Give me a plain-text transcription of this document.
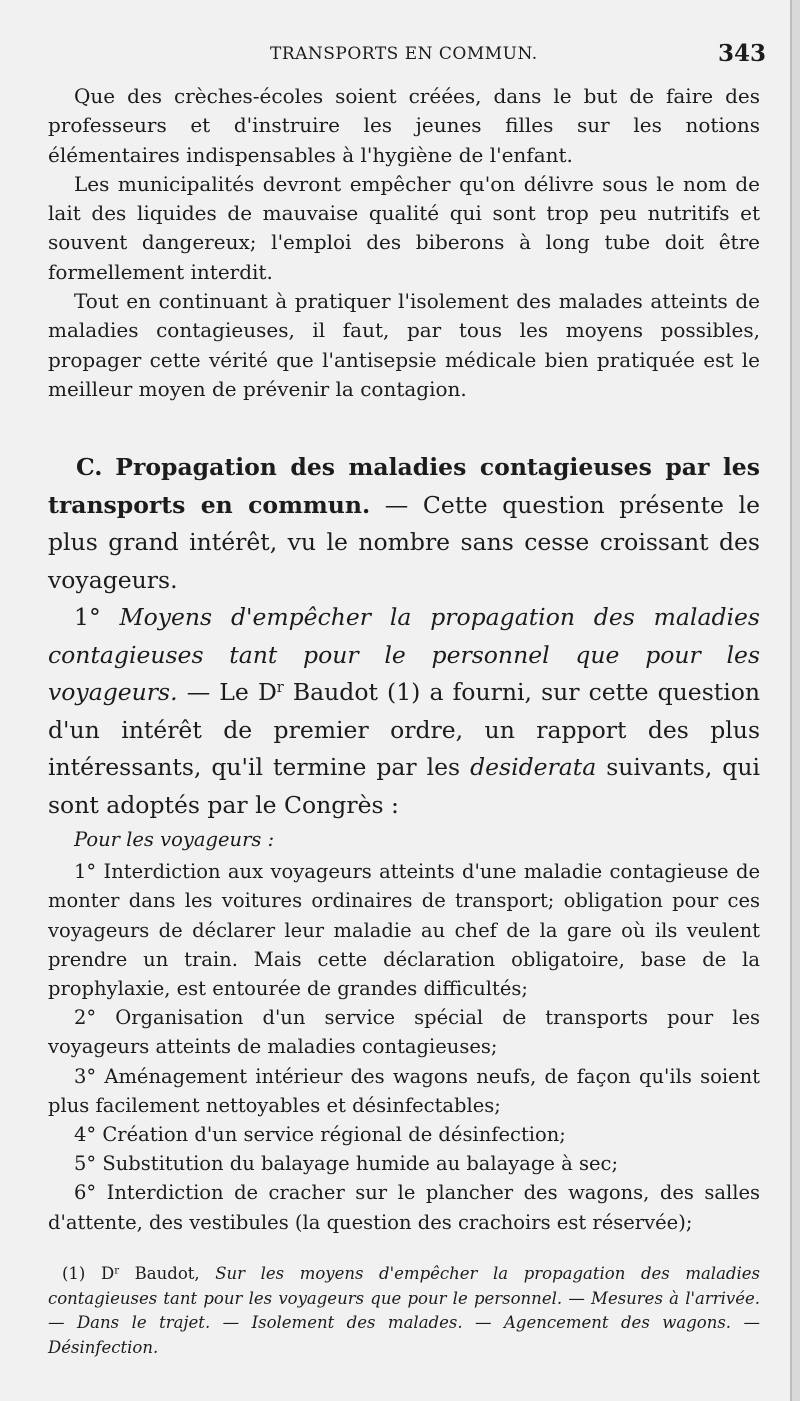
TRANSPORTS EN COMMUN.	343

Que des crèches-écoles soient créées, dans le but de faire des professeurs et d'instruire les jeunes filles sur les notions élémentaires indispensables à l'hygiène de l'enfant.

Les municipalités devront empêcher qu'on délivre sous le nom de lait des liquides de mauvaise qualité qui sont trop peu nutritifs et souvent dangereux; l'emploi des biberons à long tube doit être formellement interdit.

Tout en continuant à pratiquer l'isolement des malades atteints de maladies contagieuses, il faut, par tous les moyens possibles, propager cette vérité que l'antisepsie médicale bien pratiquée est le meilleur moyen de prévenir la contagion.

C. Propagation des maladies contagieuses par les transports en commun. — Cette question présente le plus grand intérêt, vu le nombre sans cesse croissant des voyageurs.

1° Moyens d'empêcher la propagation des maladies contagieuses tant pour le personnel que pour les voyageurs. — Le $D^r$ Baudot (1) a fourni, sur cette question d'un intérêt de premier ordre, un rapport des plus intéressants, qu'il termine par les desiderata suivants, qui sont adoptés par le Congrès :

Pour les voyageurs :

1° Interdiction aux voyageurs atteints d'une maladie contagieuse de monter dans les voitures ordinaires de transport; obligation pour ces voyageurs de déclarer leur maladie au chef de la gare où ils veulent prendre un train. Mais cette déclaration obligatoire, base de la prophylaxie, est entourée de grandes difficultés;

2° Organisation d'un service spécial de transports pour les voyageurs atteints de maladies contagieuses;

3° Aménagement intérieur des wagons neufs, de façon qu'ils soient plus facilement nettoyables et désinfectables;

4° Création d'un service régional de désinfection;

5° Substitution du balayage humide au balayage à sec;

6° Interdiction de cracher sur le plancher des wagons, des salles d'attente, des vestibules (la question des crachoirs est réservée);

(1) $D^r$ Baudot, Sur les moyens d'empêcher la propagation des maladies contagieuses tant pour les voyageurs que pour le personnel. — Mesures à l'arrivée. — Dans le trajet. — Isolement des malades. — Agencement des wagons. — Désinfection.
